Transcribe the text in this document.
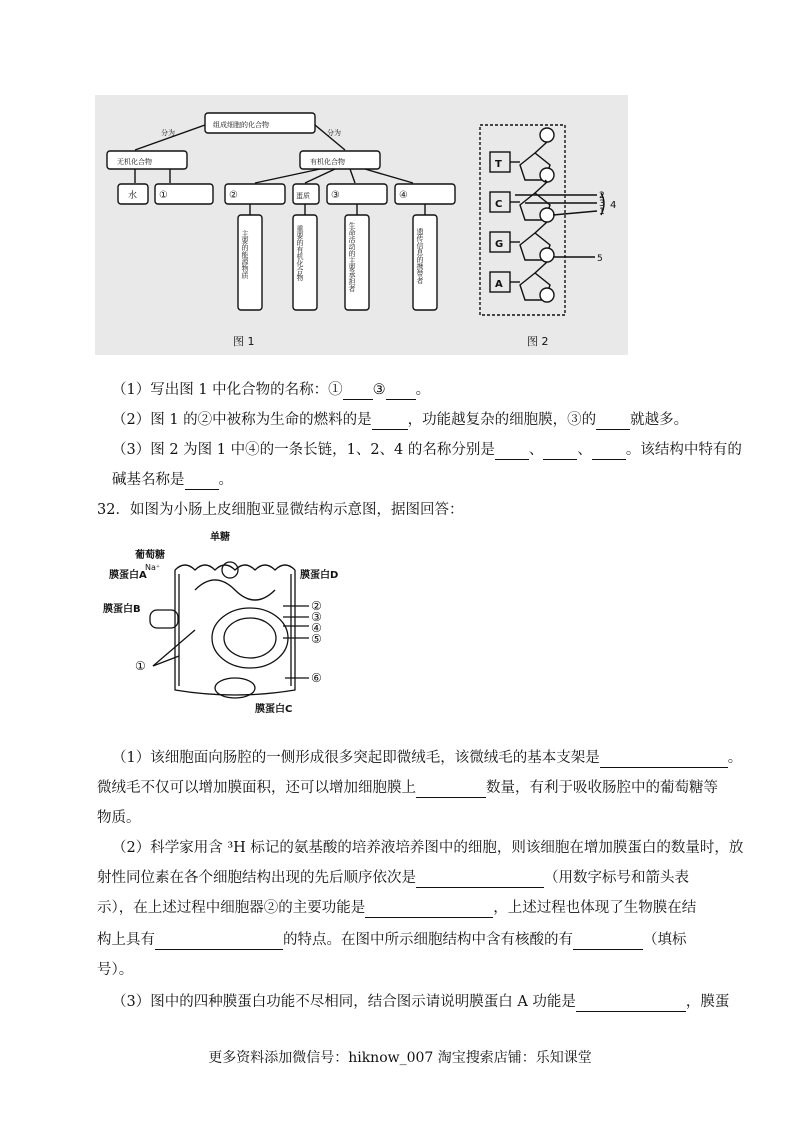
组成细胞的化合物
分为	分为
无机化合物	有机化合物
水 ①	②	蛋质 ③	④
主要的能源物质	重要的有机化合物	生命活动的主要承担者	遗传信息的携带者
图 1	图 2
T
C
G
A
2
3
1
4
5
（1）写出图 1 中化合物的名称：① ③ 。
（2）图 1 的②中被称为生命的燃料的是 ，功能越复杂的细胞膜，③的 就越多。
（3）图 2 为图 1 中④的一条长链，1、2、4 的名称分别是 、 、 。该结构中特有的
碱基名称是 。
32．如图为小肠上皮细胞亚显微结构示意图，据图回答：
葡萄糖
单糖
Na⁺
膜蛋白A	膜蛋白D
膜蛋白B
膜蛋白C
①
②
③
④
⑤
⑥
（1）该细胞面向肠腔的一侧形成很多突起即微绒毛，该微绒毛的基本支架是	。
微绒毛不仅可以增加膜面积，还可以增加细胞膜上	数量，有利于吸收肠腔中的葡萄糖等
物质。
（2）科学家用含 ³H 标记的氨基酸的培养液培养图中的细胞，则该细胞在增加膜蛋白的数量时，放
射性同位素在各个细胞结构出现的先后顺序依次是	（用数字标号和箭头表
示），在上述过程中细胞器②的主要功能是	，上述过程也体现了生物膜在结
构上具有	的特点。在图中所示细胞结构中含有核酸的有	（填标
号）。
（3）图中的四种膜蛋白功能不尽相同，结合图示请说明膜蛋白 A 功能是	，膜蛋
更多资料添加微信号：hiknow_007 淘宝搜索店铺：乐知课堂
